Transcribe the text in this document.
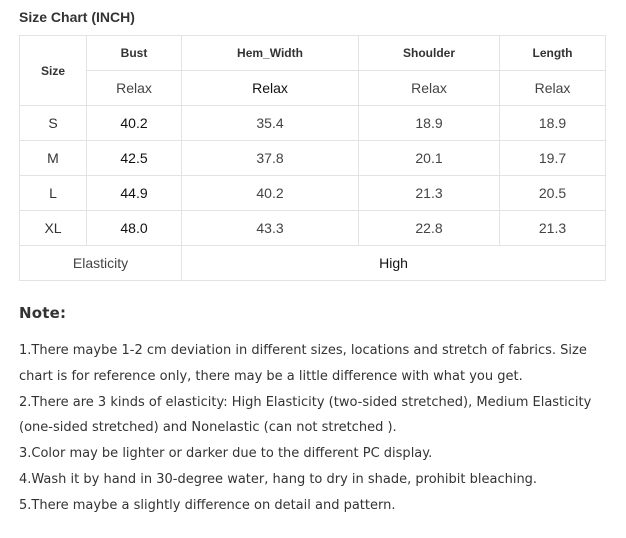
Size Chart (INCH)
Size	Bust	Hem_Width	Shoulder	Length
	Relax	Relax	Relax	Relax
S	40.2	35.4	18.9	18.9
M	42.5	37.8	20.1	19.7
L	44.9	40.2	21.3	20.5
XL	48.0	43.3	22.8	21.3
Elasticity		High		
Note:

1.There maybe 1-2 cm deviation in different sizes, locations and stretch of fabrics. Size chart is for reference only, there may be a little difference with what you get.

2.There are 3 kinds of elasticity: High Elasticity (two-sided stretched), Medium Elasticity (one-sided stretched) and Nonelastic (can not stretched ).

3.Color may be lighter or darker due to the different PC display.

4.Wash it by hand in 30-degree water, hang to dry in shade, prohibit bleaching.

5.There maybe a slightly difference on detail and pattern.
